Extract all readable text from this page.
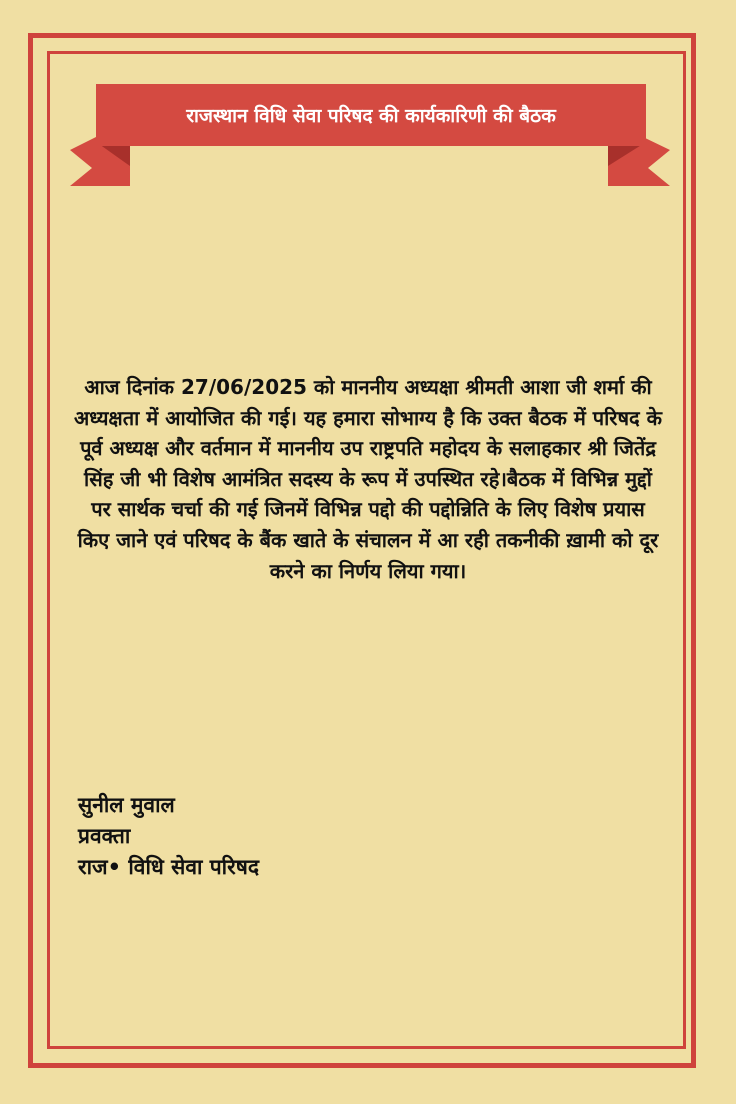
राजस्थान विधि सेवा परिषद की कार्यकारिणी की बैठक
आज दिनांक 27/06/2025 को माननीय अध्यक्षा श्रीमती आशा जी शर्मा की अध्यक्षता में आयोजित की गई। यह हमारा सोभाग्य है कि उक्त बैठक में परिषद के पूर्व अध्यक्ष और वर्तमान में माननीय उप राष्ट्रपति महोदय के सलाहकार श्री जितेंद्र सिंह जी भी विशेष आमंत्रित सदस्य के रूप में उपस्थित रहे।बैठक में विभिन्न मुद्दों पर सार्थक चर्चा की गई जिनमें विभिन्न पद्दो की पद्दोन्निति के लिए विशेष प्रयास किए जाने एवं परिषद के बैंक खाते के संचालन में आ रही तकनीकी ख़ामी को दूर करने का निर्णय लिया गया।
सुनील मुवाल
प्रवक्ता
राज• विधि सेवा परिषद
